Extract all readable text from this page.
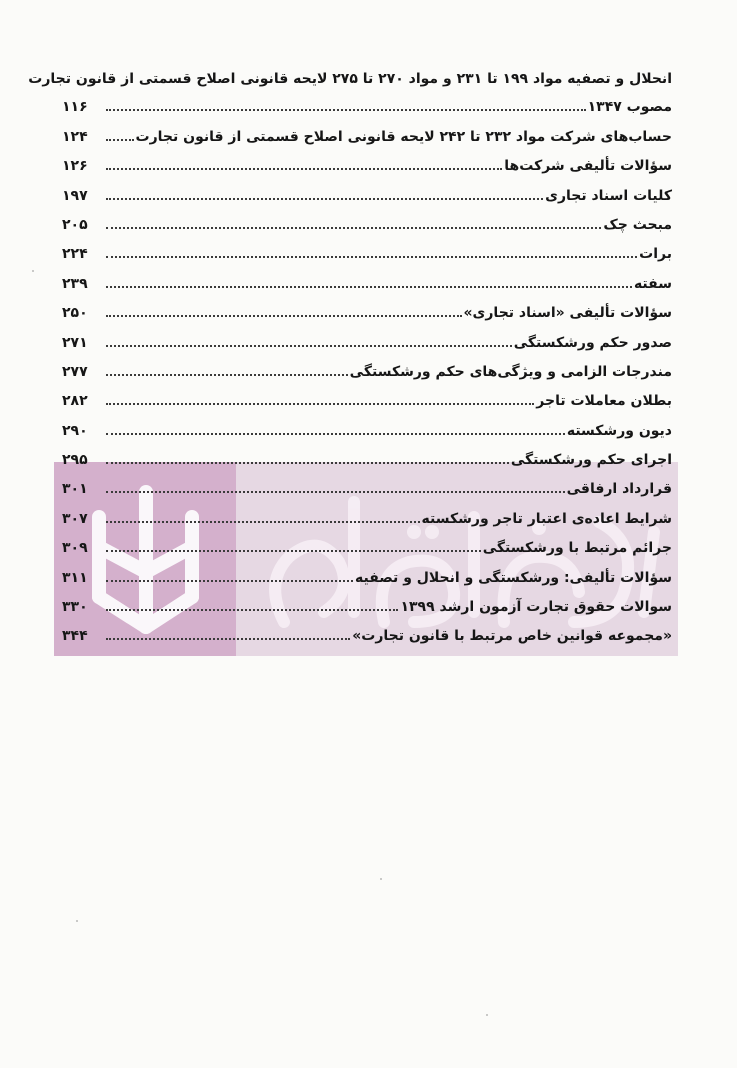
انحلال و تصفیه مواد ۱۹۹ تا ۲۳۱ و مواد ۲۷۰ تا ۲۷۵ لایحه قانونی اصلاح قسمتی از قانون تجارت
مصوب ۱۳۴۷
۱۱۶
حساب‌های شرکت مواد ۲۳۲ تا ۲۴۲ لایحه قانونی اصلاح قسمتی از قانون تجارت
۱۲۴
سؤالات تألیفی شرکت‌ها
۱۲۶
کلیات اسناد تجاری
۱۹۷
مبحث چک
۲۰۵
برات
۲۲۴
سفته
۲۳۹
سؤالات تألیفی «اسناد تجاری»
۲۵۰
صدور حکم ورشکستگی
۲۷۱
مندرجات الزامی و ویژگی‌های حکم ورشکستگی
۲۷۷
بطلان معاملات تاجر
۲۸۲
دیون ورشکسته
۲۹۰
اجرای حکم ورشکستگی
۲۹۵
قرارداد ارفاقی
۳۰۱
شرایط اعاده‌ی اعتبار تاجر ورشکسته
۳۰۷
جرائم مرتبط با ورشکستگی
۳۰۹
سؤالات تألیفی: ورشکستگی و انحلال و تصفیه
۳۱۱
سوالات حقوق تجارت آزمون ارشد ۱۳۹۹
۳۳۰
«مجموعه قوانین خاص مرتبط با قانون تجارت»
۳۴۴
